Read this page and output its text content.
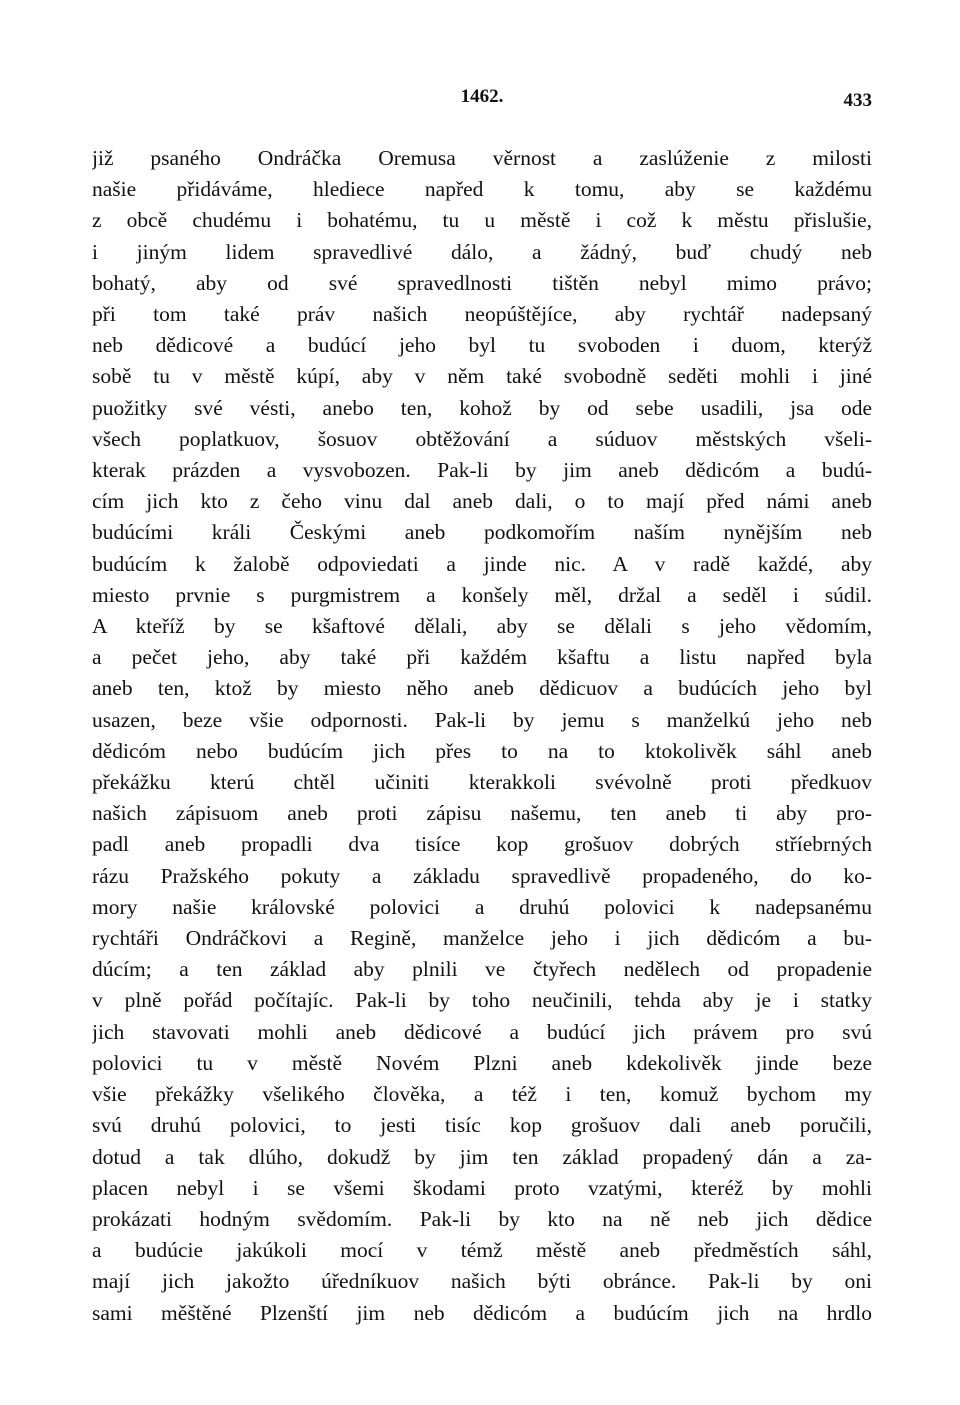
1462.	433
již psaného Ondráčka Oremusa věrnost a zaslúženie z milosti
našie přidáváme, hlediece napřed k tomu, aby se každému
z obcě chudému i bohatému, tu u městě i což k městu přislušie,
i jiným lidem spravedlivé dálo, a žádný, buď chudý neb
bohatý, aby od své spravedlnosti tištěn nebyl mimo právo;
při tom také práv našich neopúštějíce, aby rychtář nadepsaný
neb dědicové a budúcí jeho byl tu svoboden i duom, kterýž
sobě tu v městě kúpí, aby v něm také svobodně seděti mohli i jiné
puožitky své vésti, anebo ten, kohož by od sebe usadili, jsa ode
všech poplatkuov, šosuov obtěžování a súduov městských všeli-
kterak prázden a vysvobozen. Pak-li by jim aneb dědicóm a budú-
cím jich kto z čeho vinu dal aneb dali, o to mají před námi aneb
budúcími králi Českými aneb podkomořím naším nynějším neb
budúcím k žalobě odpoviedati a jinde nic. A v radě každé, aby
miesto prvnie s purgmistrem a konšely měl, držal a seděl i súdil.
A kteříž by se kšaftové dělali, aby se dělali s jeho vědomím,
a pečet jeho, aby také při každém kšaftu a listu napřed byla
aneb ten, ktož by miesto něho aneb dědicuov a budúcích jeho byl
usazen, beze všie odpornosti. Pak-li by jemu s manželkú jeho neb
dědicóm nebo budúcím jich přes to na to ktokolivěk sáhl aneb
překážku kterú chtěl učiniti kterakkoli svévolně proti předkuov
našich zápisuom aneb proti zápisu našemu, ten aneb ti aby pro-
padl aneb propadli dva tisíce kop grošuov dobrých stříebrných
rázu Pražského pokuty a základu spravedlivě propadeného, do ko-
mory našie královské polovici a druhú polovici k nadepsanému
rychtáři Ondráčkovi a Regině, manželce jeho i jich dědicóm a bu-
dúcím; a ten základ aby plnili ve čtyřech nedělech od propadenie
v plně pořád počítajíc. Pak-li by toho neučinili, tehda aby je i statky
jich stavovati mohli aneb dědicové a budúcí jich právem pro svú
polovici tu v městě Novém Plzni aneb kdekolivěk jinde beze
všie překážky všelikého člověka, a též i ten, komuž bychom my
svú druhú polovici, to jesti tisíc kop grošuov dali aneb poručili,
dotud a tak dlúho, dokudž by jim ten základ propadený dán a za-
placen nebyl i se všemi škodami proto vzatými, kteréž by mohli
prokázati hodným svědomím. Pak-li by kto na ně neb jich dědice
a budúcie jakúkoli mocí v témž městě aneb předměstích sáhl,
mají jich jakožto úředníkuov našich býti obránce. Pak-li by oni
sami měštěné Plzenští jim neb dědicóm a budúcím jich na hrdlo
